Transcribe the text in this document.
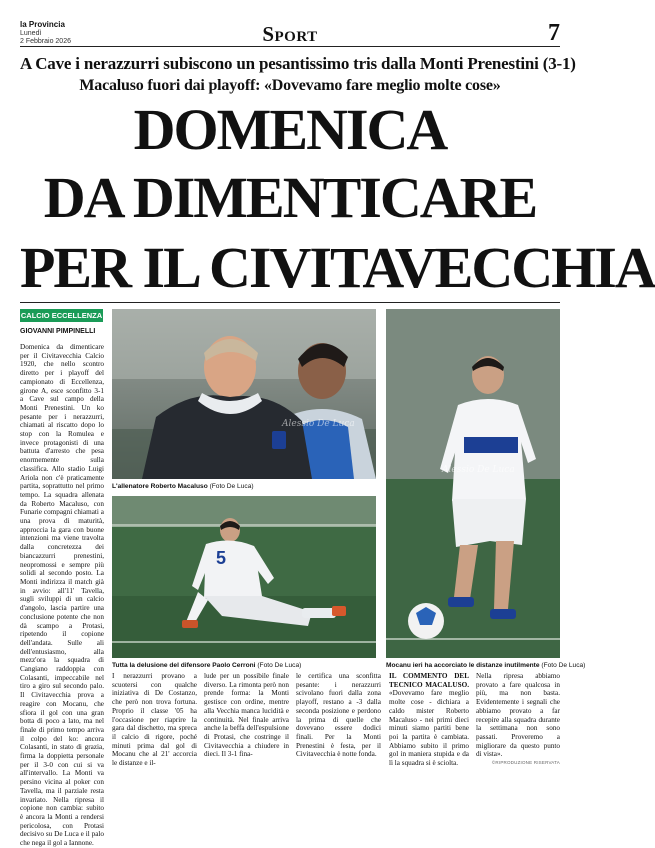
la Provincia
Lunedì
2 Febbraio 2026	Sport	7
A Cave i nerazzurri subiscono un pesantissimo tris dalla Monti Prenestini (3-1)
Macaluso fuori dai playoff: «Dovevamo fare meglio molte cose»
DOMENICA
DA DIMENTICARE
PER IL CIVITAVECCHIA
CALCIO ECCELLENZA
GIOVANNI PIMPINELLI
Domenica da dimenticare per il Civitavecchia Calcio 1920, che nello scontro diretto per i playoff del campionato di Eccellenza, girone A, esce sconfitto 3-1 a Cave sul campo della Monti Prenestini. Un ko pesante per i nerazzurri, chiamati al riscatto dopo lo stop con la Romulea e invece protagonisti di una battuta d'arresto che pesa enormemente sulla classifica. Allo stadio Luigi Ariola non c'è praticamente partita, soprattutto nel primo tempo. La squadra allenata da Roberto Macaluso, con Funarie compagni chiamati a una prova di maturità, approccia la gara con buone intenzioni ma viene travolta dalla concretezza dei biancazzurri prenestini, neopromossi e sempre più solidi al secondo posto. La Monti indirizza il match già in avvio: all'11' Tavella, sugli sviluppi di un calcio d'angolo, lascia partire una conclusione potente che non dà scampo a Protasi, ripetendo il copione dell'andata. Sulle ali dell'entusiasmo, alla mezz'ora la squadra di Cangiano raddoppia con Colasanti, impeccabile nel tiro a giro sul secondo palo. Il Civitavecchia prova a reagire con Mocanu, che sfiora il gol con una gran botta di poco a lato, ma nel finale di primo tempo arriva il colpo del ko: ancora Colasanti, in stato di grazia, firma la doppietta personale per il 3-0 con cui si va all'intervallo. La Monti va persino vicina al poker con Tavella, ma il parziale resta invariato. Nella ripresa il copione non cambia: subito è ancora la Monti a rendersi pericolosa, con Protasi decisivo su De Luca e il palo che nega il gol a Iannone.
I nerazzurri provano a scuotersi con qualche iniziativa di De Costanzo, che però non trova fortuna. Proprio il classe '05 ha l'occasione per riaprire la gara dal dischetto, ma spreca il calcio di rigore, poché minuti prima dal gol di Mocanu che al 21' accorcia le distanze e il-
lude per un possibile finale diverso. La rimonta però non prende forma: la Monti gestisce con ordine, mentre alla Vecchia manca lucidità e continuità. Nel finale arriva anche la beffa dell'espulsione di Protasi, che costringe il Civitavecchia a chiudere in dieci. Il 3-1 fina-
le certifica una sconfitta pesante: i nerazzurri scivolano fuori dalla zona playoff, restano a -3 dalla seconda posizione e perdono la prima di quelle che dovevano essere dodici finali. Per la Monti Prenestini è festa, per il Civitavecchia è notte fonda.
IL COMMENTO DEL TECNICO MACALUSO. «Dovevamo fare meglio molte cose - dichiara a caldo mister Roberto Macaluso - nei primi dieci minuti siamo partiti bene poi la partita è cambiata. Abbiamo subito il primo gol in maniera stupida e da lì la squadra si è sciolta.
Nella ripresa abbiamo provato a fare qualcosa in più, ma non basta. Evidentemente i segnali che abbiamo provato a far recepire alla squadra durante la settimana non sono passati. Proveremo a migliorare da questo punto di vista».
Alessio De Luca
L'allenatore Roberto Macaluso (Foto De Luca)
5
Tutta la delusione del difensore Paolo Cerroni (Foto De Luca)
Alessio De Luca
Mocanu ieri ha accorciato le distanze inutilmente (Foto De Luca)
©RIPRODUZIONE RISERVATA
